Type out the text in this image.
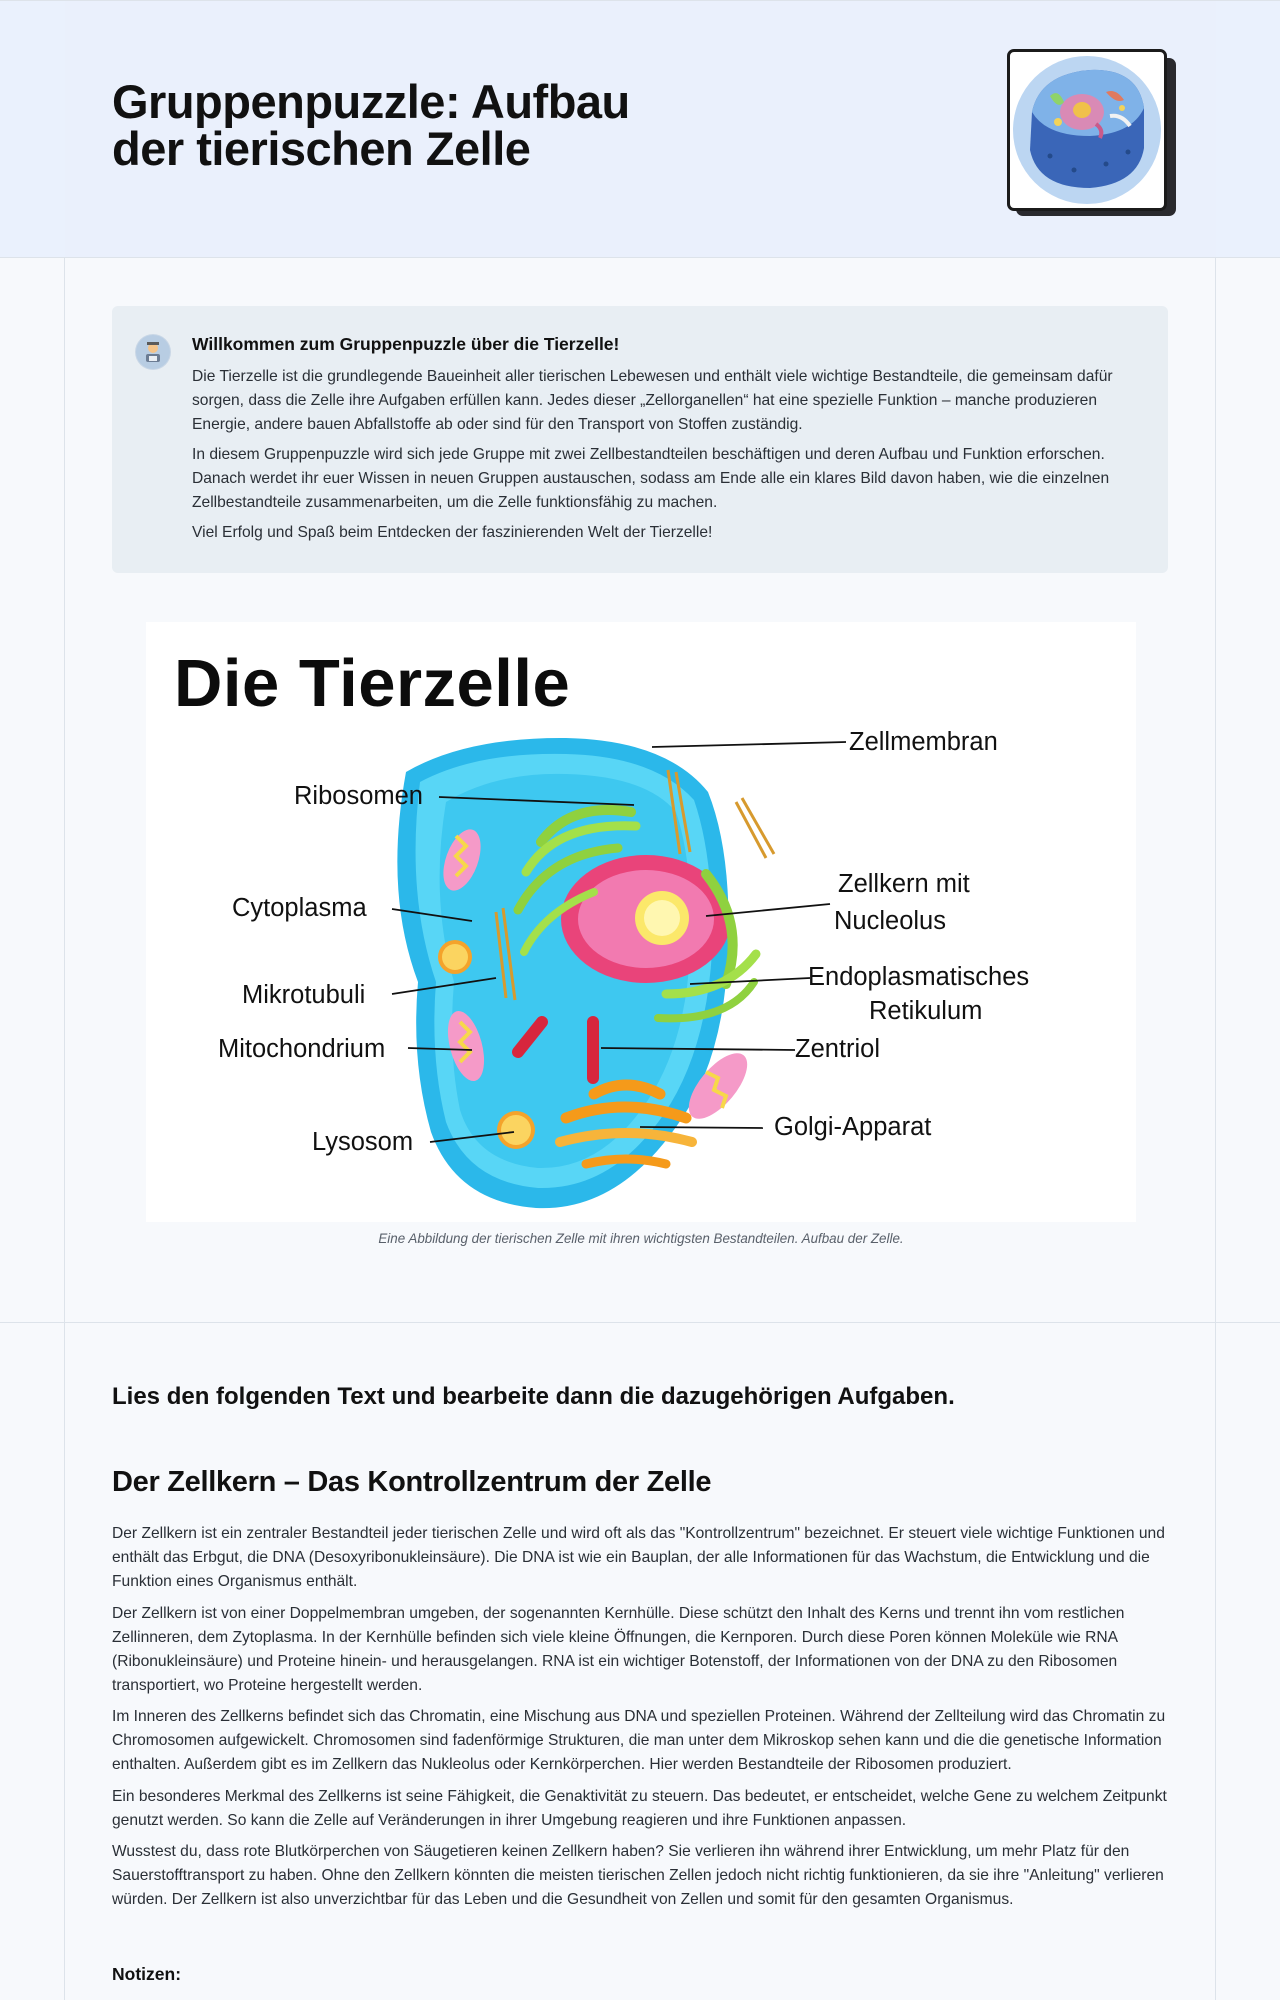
Gruppenpuzzle: Aufbau
der tierischen Zelle
Willkommen zum Gruppenpuzzle über die Tierzelle!

Die Tierzelle ist die grundlegende Baueinheit aller tierischen Lebewesen und enthält viele wichtige Bestandteile, die gemeinsam dafür sorgen, dass die Zelle ihre Aufgaben erfüllen kann. Jedes dieser „Zellorganellen“ hat eine spezielle Funktion – manche produzieren Energie, andere bauen Abfallstoffe ab oder sind für den Transport von Stoffen zuständig.

In diesem Gruppenpuzzle wird sich jede Gruppe mit zwei Zellbestandteilen beschäftigen und deren Aufbau und Funktion erforschen. Danach werdet ihr euer Wissen in neuen Gruppen austauschen, sodass am Ende alle ein klares Bild davon haben, wie die einzelnen Zellbestandteile zusammenarbeiten, um die Zelle funktionsfähig zu machen.

Viel Erfolg und Spaß beim Entdecken der faszinierenden Welt der Tierzelle!

Die Tierzelle
Zellmembran
Ribosomen
Zellkern mit
Nucleolus
Cytoplasma
Endoplasmatisches
Retikulum
Mikrotubuli
Mitochondrium	Zentriol
Golgi-Apparat
Lysosom
Eine Abbildung der tierischen Zelle mit ihren wichtigsten Bestandteilen. Aufbau der Zelle.
Lies den folgenden Text und bearbeite dann die dazugehörigen Aufgaben.
Der Zellkern – Das Kontrollzentrum der Zelle

Der Zellkern ist ein zentraler Bestandteil jeder tierischen Zelle und wird oft als das "Kontrollzentrum" bezeichnet. Er steuert viele wichtige Funktionen und enthält das Erbgut, die DNA (Desoxyribonukleinsäure). Die DNA ist wie ein Bauplan, der alle Informationen für das Wachstum, die Entwicklung und die Funktion eines Organismus enthält.

Der Zellkern ist von einer Doppelmembran umgeben, der sogenannten Kernhülle. Diese schützt den Inhalt des Kerns und trennt ihn vom restlichen Zellinneren, dem Zytoplasma. In der Kernhülle befinden sich viele kleine Öffnungen, die Kernporen. Durch diese Poren können Moleküle wie RNA (Ribonukleinsäure) und Proteine hinein- und herausgelangen. RNA ist ein wichtiger Botenstoff, der Informationen von der DNA zu den Ribosomen transportiert, wo Proteine hergestellt werden.

Im Inneren des Zellkerns befindet sich das Chromatin, eine Mischung aus DNA und speziellen Proteinen. Während der Zellteilung wird das Chromatin zu Chromosomen aufgewickelt. Chromosomen sind fadenförmige Strukturen, die man unter dem Mikroskop sehen kann und die die genetische Information enthalten. Außerdem gibt es im Zellkern das Nukleolus oder Kernkörperchen. Hier werden Bestandteile der Ribosomen produziert.

Ein besonderes Merkmal des Zellkerns ist seine Fähigkeit, die Genaktivität zu steuern. Das bedeutet, er entscheidet, welche Gene zu welchem Zeitpunkt genutzt werden. So kann die Zelle auf Veränderungen in ihrer Umgebung reagieren und ihre Funktionen anpassen.

Wusstest du, dass rote Blutkörperchen von Säugetieren keinen Zellkern haben? Sie verlieren ihn während ihrer Entwicklung, um mehr Platz für den Sauerstofftransport zu haben. Ohne den Zellkern könnten die meisten tierischen Zellen jedoch nicht richtig funktionieren, da sie ihre "Anleitung" verlieren würden. Der Zellkern ist also unverzichtbar für das Leben und die Gesundheit von Zellen und somit für den gesamten Organismus.

Notizen:
